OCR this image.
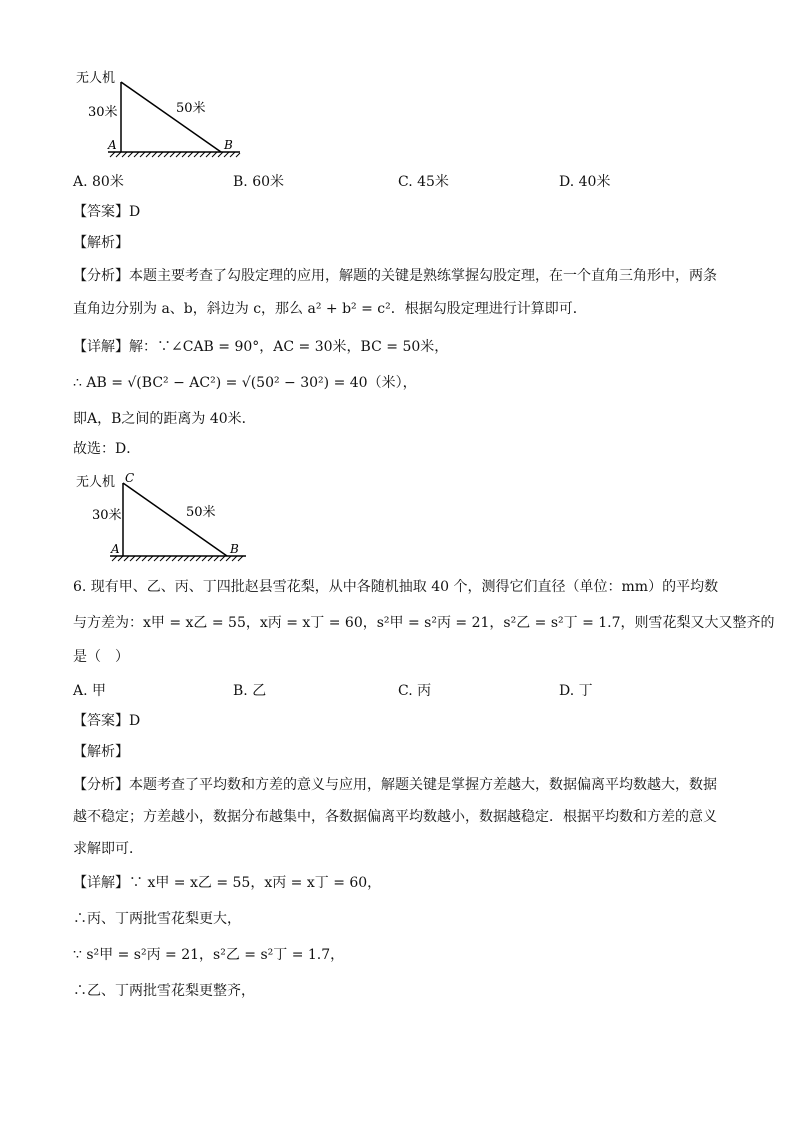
无人机
30米	50米
A	B
A. 80米	B. 60米	C. 45米	D. 40米
【答案】D
【解析】
【分析】本题主要考查了勾股定理的应用，解题的关键是熟练掌握勾股定理，在一个直角三角形中，两条
直角边分别为 a、b，斜边为 c，那么 a² + b² = c²．根据勾股定理进行计算即可．
【详解】解：∵∠CAB = 90°，AC = 30米，BC = 50米，
∴ AB = √(BC² − AC²) = √(50² − 30²) = 40（米），
即A，B之间的距离为 40米．
故选：D．
无人机 C
30米	50米
A	B
6. 现有甲、乙、丙、丁四批赵县雪花梨，从中各随机抽取 40 个，测得它们直径（单位：mm）的平均数
与方差为：x甲 = x乙 = 55，x丙 = x丁 = 60，s²甲 = s²丙 = 21，s²乙 = s²丁 = 1.7，则雪花梨又大又整齐的
是（　）
A. 甲	B. 乙	C. 丙	D. 丁
【答案】D
【解析】
【分析】本题考查了平均数和方差的意义与应用，解题关键是掌握方差越大，数据偏离平均数越大，数据
越不稳定；方差越小，数据分布越集中，各数据偏离平均数越小，数据越稳定．根据平均数和方差的意义
求解即可．
【详解】∵ x甲 = x乙 = 55，x丙 = x丁 = 60，
∴丙、丁两批雪花梨更大，
∵ s²甲 = s²丙 = 21，s²乙 = s²丁 = 1.7，
∴乙、丁两批雪花梨更整齐，
